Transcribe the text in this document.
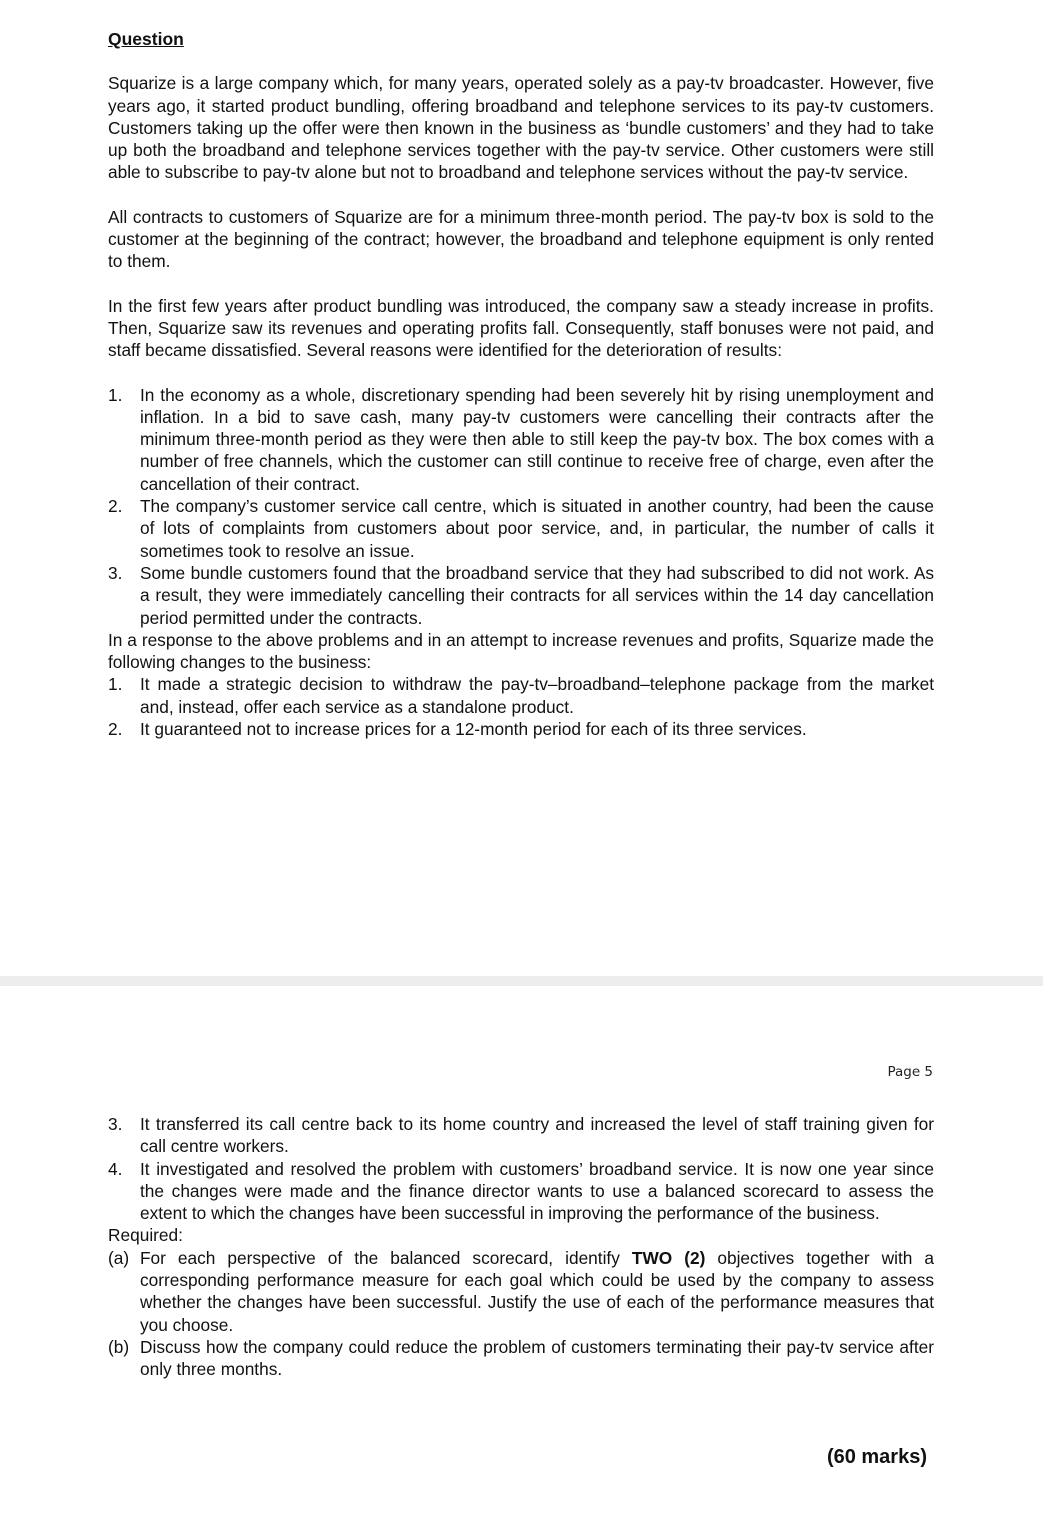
Question

Squarize is a large company which, for many years, operated solely as a pay-tv broadcaster. However, five years ago, it started product bundling, offering broadband and telephone services to its pay-tv customers. Customers taking up the offer were then known in the business as ‘bundle customers’ and they had to take up both the broadband and telephone services together with the pay-tv service. Other customers were still able to subscribe to pay-tv alone but not to broadband and telephone services without the pay-tv service.

All contracts to customers of Squarize are for a minimum three-month period. The pay-tv box is sold to the customer at the beginning of the contract; however, the broadband and telephone equipment is only rented to them.

In the first few years after product bundling was introduced, the company saw a steady increase in profits. Then, Squarize saw its revenues and operating profits fall. Consequently, staff bonuses were not paid, and staff became dissatisfied. Several reasons were identified for the deterioration of results:

1. In the economy as a whole, discretionary spending had been severely hit by rising unemployment and inflation. In a bid to save cash, many pay-tv customers were cancelling their contracts after the minimum three-month period as they were then able to still keep the pay-tv box. The box comes with a number of free channels, which the customer can still continue to receive free of charge, even after the cancellation of their contract.
2. The company’s customer service call centre, which is situated in another country, had been the cause of lots of complaints from customers about poor service, and, in particular, the number of calls it sometimes took to resolve an issue.
3. Some bundle customers found that the broadband service that they had subscribed to did not work. As a result, they were immediately cancelling their contracts for all services within the 14 day cancellation period permitted under the contracts.

In a response to the above problems and in an attempt to increase revenues and profits, Squarize made the following changes to the business:

1. It made a strategic decision to withdraw the pay-tv–broadband–telephone package from the market and, instead, offer each service as a standalone product.
2. It guaranteed not to increase prices for a 12-month period for each of its three services.
Page 5
3. It transferred its call centre back to its home country and increased the level of staff training given for call centre workers.
4. It investigated and resolved the problem with customers’ broadband service. It is now one year since the changes were made and the finance director wants to use a balanced scorecard to assess the extent to which the changes have been successful in improving the performance of the business.

Required:

(a) For each perspective of the balanced scorecard, identify TWO (2) objectives together with a corresponding performance measure for each goal which could be used by the company to assess whether the changes have been successful. Justify the use of each of the performance measures that you choose.
(b) Discuss how the company could reduce the problem of customers terminating their pay-tv service after only three months.
(60 marks)
